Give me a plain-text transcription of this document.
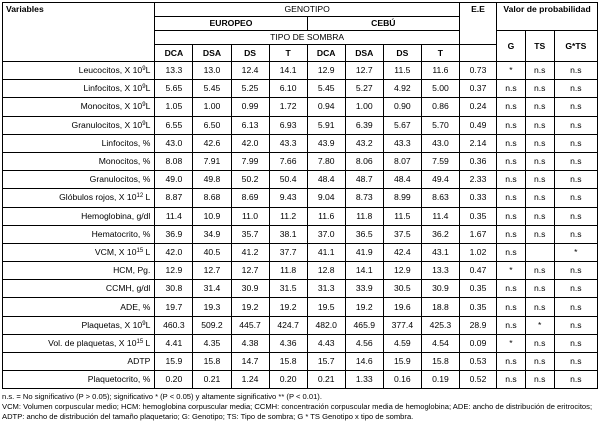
Variables	GENOTIPO								E.E	Valor de probabilidad		
	EUROPEO				CEBÚ							
	TIPO DE SOMBRA									G	TS	G*TS
	DCA	DSA	DS	T	DCA	DSA	DS	T				
Leucocitos, X $10^9L$	13.3	13.0	12.4	14.1	12.9	12.7	11.5	11.6	0.73	*	n.s	n.s
Linfocitos, X $10^9L$	5.65	5.45	5.25	6.10	5.45	5.27	4.92	5.00	0.37	n.s	n.s	n.s
Monocitos, X $10^9L$	1.05	1.00	0.99	1.72	0.94	1.00	0.90	0.86	0.24	n.s	n.s	n.s
Granulocitos, X $10^9L$	6.55	6.50	6.13	6.93	5.91	6.39	5.67	5.70	0.49	n.s	n.s	n.s
Linfocitos, %	43.0	42.6	42.0	43.3	43.9	43.2	43.3	43.0	2.14	n.s	n.s	n.s
Monocitos, %	8.08	7.91	7.99	7.66	7.80	8.06	8.07	7.59	0.36	n.s	n.s	n.s
Granulocitos, %	49.0	49.8	50.2	50.4	48.4	48.7	48.4	49.4	2.33	n.s	n.s	n.s
Glóbulos rojos, X $10^{12}$ L	8.87	8.68	8.69	9.43	9.04	8.73	8.99	8.63	0.33	n.s	n.s	n.s
Hemoglobina, g/dl	11.4	10.9	11.0	11.2	11.6	11.8	11.5	11.4	0.35	n.s	n.s	n.s
Hematocrito, %	36.9	34.9	35.7	38.1	37.0	36.5	37.5	36.2	1.67	n.s	n.s	n.s
VCM, X $10^{15}$ L	42.0	40.5	41.2	37.7	41.1	41.9	42.4	43.1	1.02	n.s		*
HCM, Pg.	12.9	12.7	12.7	11.8	12.8	14.1	12.9	13.3	0.47	*	n.s	n.s
CCMH, g/dl	30.8	31.4	30.9	31.5	31.3	33.9	30.5	30.9	0.35	n.s	n.s	n.s
ADE, %	19.7	19.3	19.2	19.2	19.5	19.2	19.6	18.8	0.35	n.s	n.s	n.s
Plaquetas, X $10^9L$	460.3	509.2	445.7	424.7	482.0	465.9	377.4	425.3	28.9	n.s	*	n.s
Vol. de plaquetas, X $10^{15}$ L	4.41	4.35	4.38	4.36	4.43	4.56	4.59	4.54	0.09	*	n.s	n.s
ADTP	15.9	15.8	14.7	15.8	15.7	14.6	15.9	15.8	0.53	n.s	n.s	n.s
Plaquetocrito, %	0.20	0.21	1.24	0.20	0.21	1.33	0.16	0.19	0.52	n.s	n.s	n.s
n.s. = No significativo (P > 0.05); significativo * (P < 0.05) y altamente significativo ** (P < 0.01).
VCM: Volumen corpuscular medio; HCM: hemoglobina corpuscular media; CCMH: concentración corpuscular media de hemoglobina; ADE: ancho de distribución de eritrocitos; ADTP: ancho de distribución del tamaño plaquetario; G: Genotipo; TS: Tipo de sombra; G * TS Genotipo x tipo de sombra.
